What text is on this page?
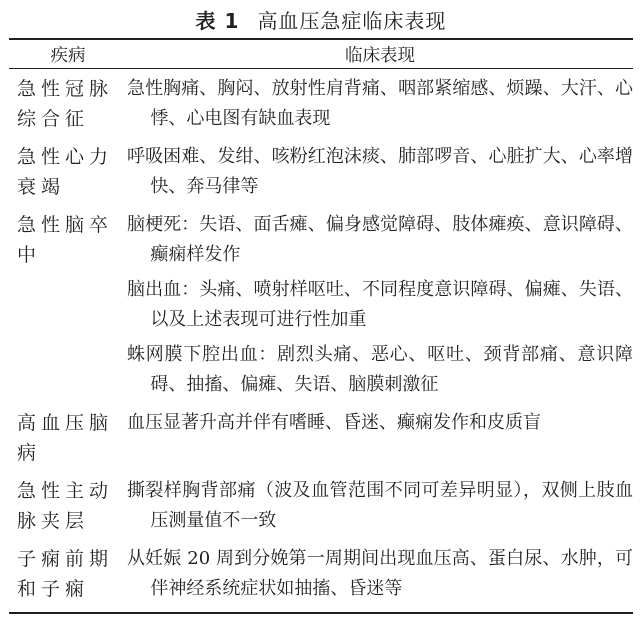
表 1 高血压急症临床表现
疾病	临床表现
急性冠脉综合征
急性胸痛、胸闷、放射性肩背痛、咽部紧缩感、烦躁、大汗、心悸、心电图有缺血表现
急性心力衰竭
呼吸困难、发绀、咳粉红泡沫痰、肺部啰音、心脏扩大、心率增快、奔马律等
急性脑卒中
脑梗死：失语、面舌瘫、偏身感觉障碍、肢体瘫痪、意识障碍、癫痫样发作
脑出血：头痛、喷射样呕吐、不同程度意识障碍、偏瘫、失语、以及上述表现可进行性加重
蛛网膜下腔出血：剧烈头痛、恶心、呕吐、颈背部痛、意识障碍、抽搐、偏瘫、失语、脑膜刺激征
高血压脑病
血压显著升高并伴有嗜睡、昏迷、癫痫发作和皮质盲
急性主动脉夹层
撕裂样胸背部痛（波及血管范围不同可差异明显），双侧上肢血压测量值不一致
子痫前期和子痫
从妊娠 20 周到分娩第一周期间出现血压高、蛋白尿、水肿，可伴神经系统症状如抽搐、昏迷等
